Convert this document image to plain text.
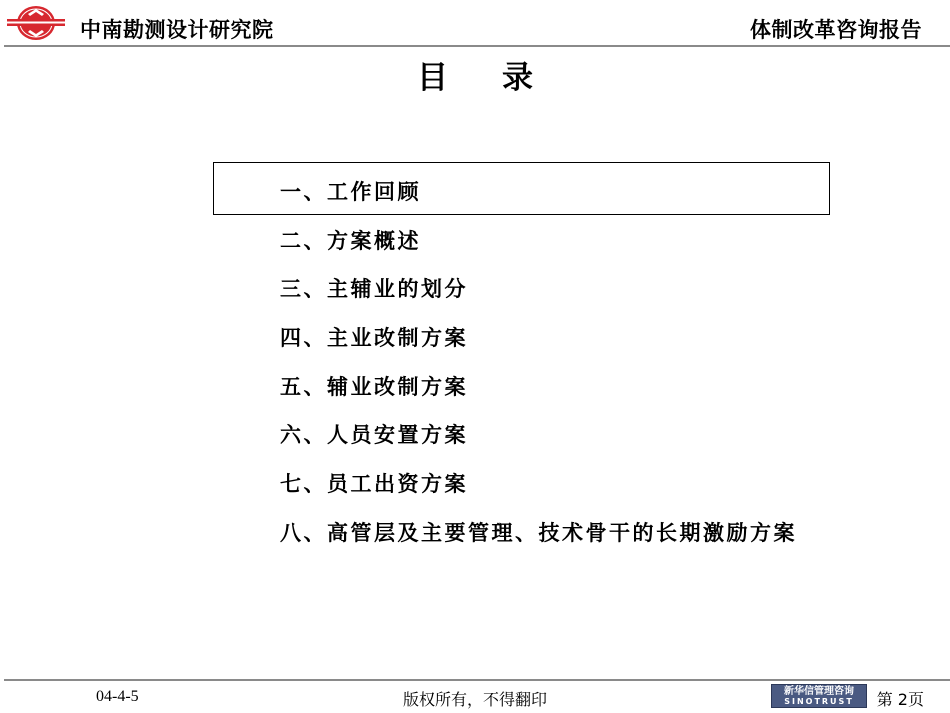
中南勘测设计研究院	体制改革咨询报告
目录
一、工作回顾
二、方案概述
三、主辅业的划分
四、主业改制方案
五、辅业改制方案
六、人员安置方案
七、员工出资方案
八、高管层及主要管理、技术骨干的长期激励方案
04-4-5	版权所有，不得翻印	新华信管理咨询
SINOTRUST	第 2页
